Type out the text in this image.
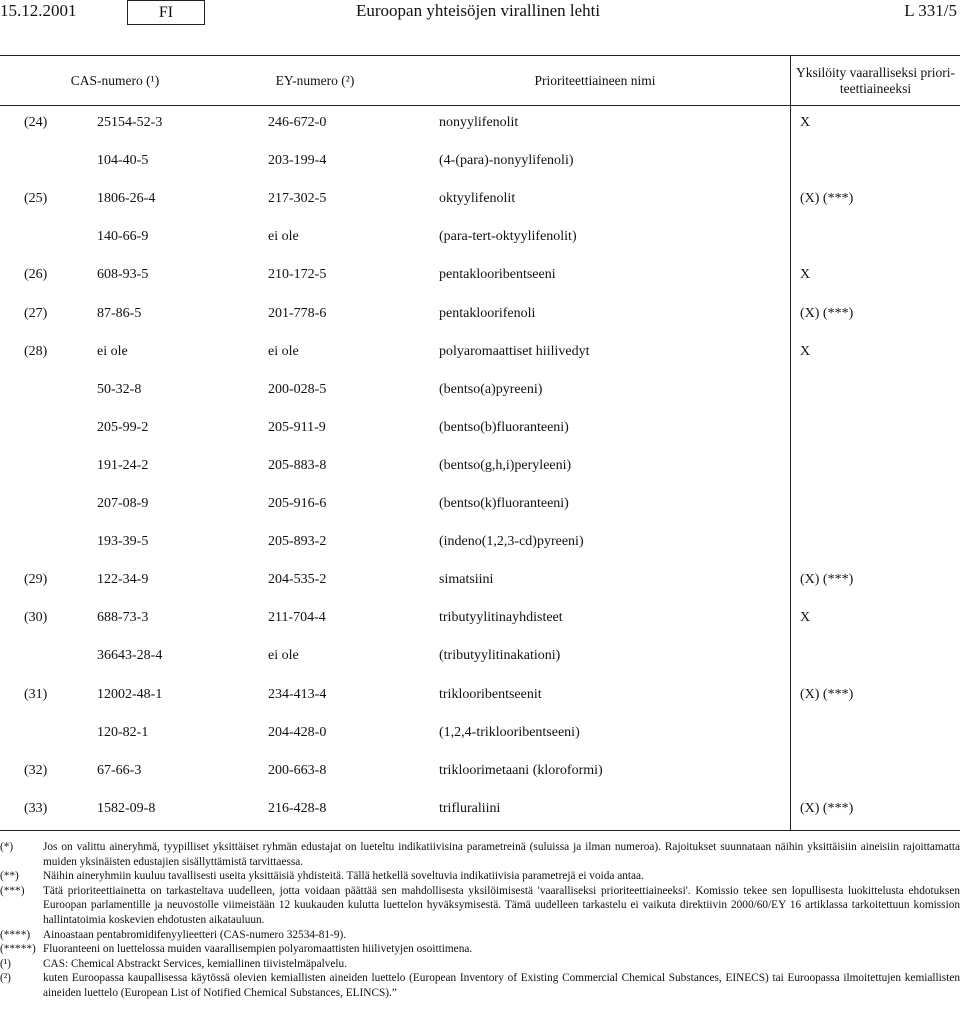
15.12.2001	FI	Euroopan yhteisöjen virallinen lehti	L 331/5
CAS-numero (¹)	EY-numero (²)	Prioriteettiaineen nimi
Yksilöity vaaralliseksi priori- teettiaineeksi
(24)	25154-52-3	246-672-0	nonyylifenolit	X
104-40-5	203-199-4	(4-(para)-nonyylifenoli)
(25)	1806-26-4	217-302-5	oktyylifenolit	(X) (***)
140-66-9	ei ole	(para-tert-oktyylifenolit)
(26)	608-93-5	210-172-5	pentaklooribentseeni	X
(27)	87-86-5	201-778-6	pentakloorifenoli	(X) (***)
(28)	ei ole	ei ole	polyaromaattiset hiilivedyt	X
50-32-8	200-028-5	(bentso(a)pyreeni)
205-99-2	205-911-9	(bentso(b)fluoranteeni)
191-24-2	205-883-8	(bentso(g,h,i)peryleeni)
207-08-9	205-916-6	(bentso(k)fluoranteeni)
193-39-5	205-893-2	(indeno(1,2,3-cd)pyreeni)
(29)	122-34-9	204-535-2	simatsiini	(X) (***)
(30)	688-73-3	211-704-4	tributyylitinayhdisteet	X
36643-28-4	ei ole	(tributyylitinakationi)
(31)	12002-48-1	234-413-4	triklooribentseenit	(X) (***)
120-82-1	204-428-0	(1,2,4-triklooribentseeni)
(32)	67-66-3	200-663-8	trikloorimetaani (kloroformi)
(33)	1582-09-8	216-428-8	trifluraliini	(X) (***)

(*)	Jos on valittu aineryhmä, tyypilliset yksittäiset ryhmän edustajat on lueteltu indikatiivisina parametreinä (suluissa ja ilman numeroa). Rajoitukset suunnataan näihin yksittäisiin aineisiin rajoittamatta muiden yksinäisten edustajien sisällyttämistä tarvittaessa.

(**) Näihin aineryhmiin kuuluu tavallisesti useita yksittäisiä yhdisteitä. Tällä hetkellä soveltuvia indikatiivisia parametrejä ei voida antaa.

(***) Tätä prioriteettiainetta on tarkasteltava uudelleen, jotta voidaan päättää sen mahdollisesta yksilöimisestä 'vaaralliseksi prioriteettiaineeksi'. Komissio tekee sen lopullisesta luokittelusta ehdotuksen Euroopan parlamentille ja neuvostolle viimeistään 12 kuukauden kulutta luettelon hyväksymisestä. Tämä uudelleen tarkastelu ei vaikuta direktiivin 2000/60/EY 16 artiklassa tarkoitettuun komission hallintatoimia koskevien ehdotusten aikatauluun.

(****) Ainoastaan pentabromidifenyylieetteri (CAS-numero 32534-81-9).

(*****) Fluoranteeni on luettelossa muiden vaarallisempien polyaromaattisten hiilivetyjen osoittimena.

(¹)	CAS: Chemical Abstrackt Services, kemiallinen tiivistelmäpalvelu.

(²)	kuten Euroopassa kaupallisessa käytössä olevien kemiallisten aineiden luettelo (European Inventory of Existing Commercial Chemical Substances, EINECS) tai Euroopassa ilmoitettujen kemiallisten aineiden luettelo (European List of Notified Chemical Substances, ELINCS).”
